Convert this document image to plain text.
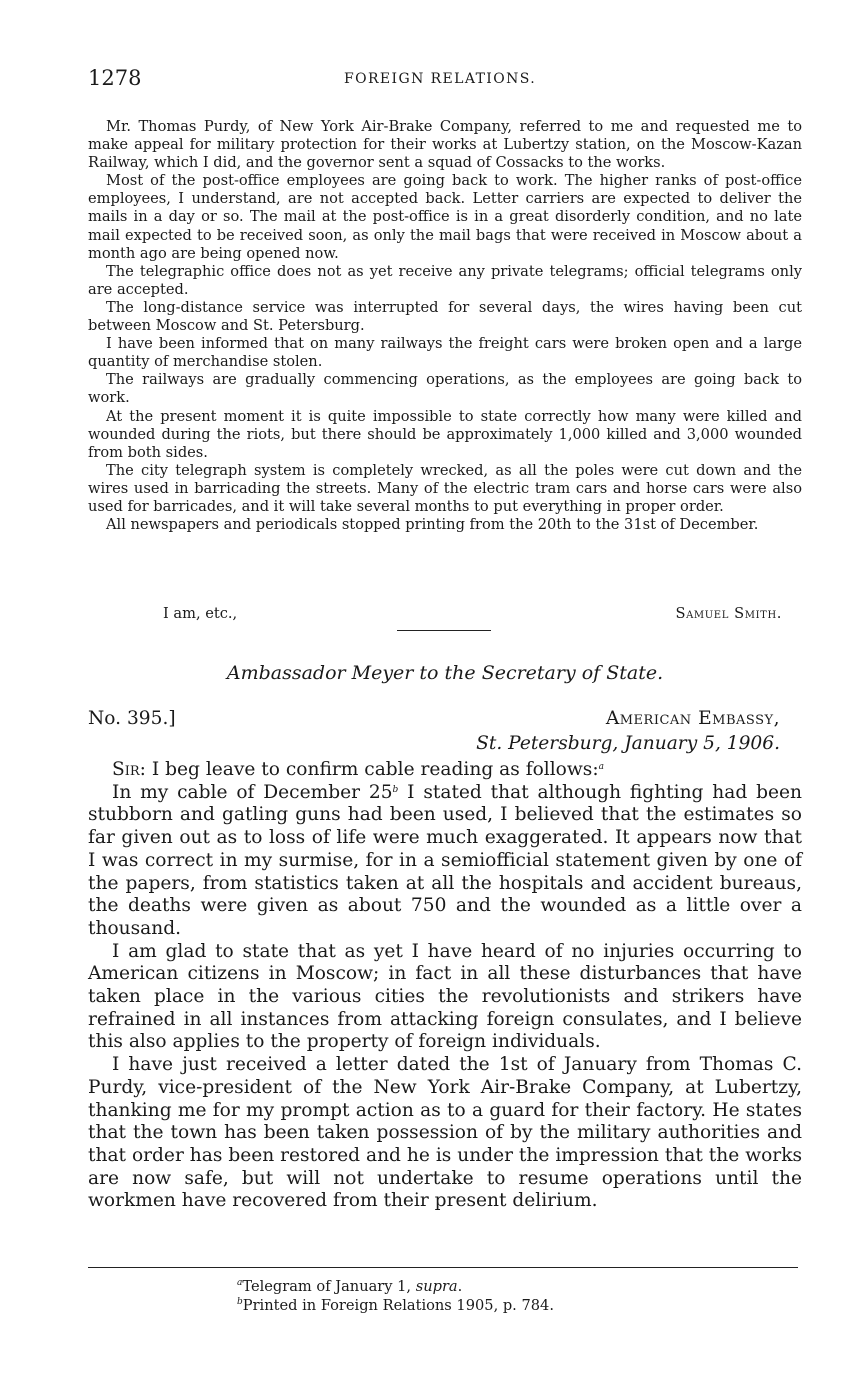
1278	FOREIGN RELATIONS.

Mr. Thomas Purdy, of New York Air-Brake Company, referred to me and requested me to make appeal for military protection for their works at Lubertzy station, on the Moscow-Kazan Railway, which I did, and the governor sent a squad of Cossacks to the works.

Most of the post-office employees are going back to work. The higher ranks of post-office employees, I understand, are not accepted back. Letter carriers are expected to deliver the mails in a day or so. The mail at the post-office is in a great disorderly condition, and no late mail expected to be received soon, as only the mail bags that were received in Moscow about a month ago are being opened now.

The telegraphic office does not as yet receive any private telegrams; official telegrams only are accepted.

The long-distance service was interrupted for several days, the wires having been cut between Moscow and St. Petersburg.

I have been informed that on many railways the freight cars were broken open and a large quantity of merchandise stolen.

The railways are gradually commencing operations, as the employees are going back to work.

At the present moment it is quite impossible to state correctly how many were killed and wounded during the riots, but there should be approximately 1,000 killed and 3,000 wounded from both sides.

The city telegraph system is completely wrecked, as all the poles were cut down and the wires used in barricading the streets. Many of the electric tram cars and horse cars were also used for barricades, and it will take several months to put everything in proper order.

All newspapers and periodicals stopped printing from the 20th to the 31st of December.

I am, etc.,	Samuel Smith.
Ambassador Meyer to the Secretary of State.
No. 395.]	American Embassy,
St. Petersburg, January 5, 1906.

Sir: I beg leave to confirm cable reading as follows:$^a$

In my cable of December 25$^b$ I stated that although fighting had been stubborn and gatling guns had been used, I believed that the estimates so far given out as to loss of life were much exaggerated. It appears now that I was correct in my surmise, for in a semiofficial statement given by one of the papers, from statistics taken at all the hospitals and accident bureaus, the deaths were given as about 750 and the wounded as a little over a thousand.

I am glad to state that as yet I have heard of no injuries occurring to American citizens in Moscow; in fact in all these disturbances that have taken place in the various cities the revolutionists and strikers have refrained in all instances from attacking foreign consulates, and I believe this also applies to the property of foreign individuals.

I have just received a letter dated the 1st of January from Thomas C. Purdy, vice-president of the New York Air-Brake Company, at Lubertzy, thanking me for my prompt action as to a guard for their factory. He states that the town has been taken possession of by the military authorities and that order has been restored and he is under the impression that the works are now safe, but will not undertake to resume operations until the workmen have recovered from their present delirium.

$^a$Telegram of January 1, supra.

$^b$Printed in Foreign Relations 1905, p. 784.
